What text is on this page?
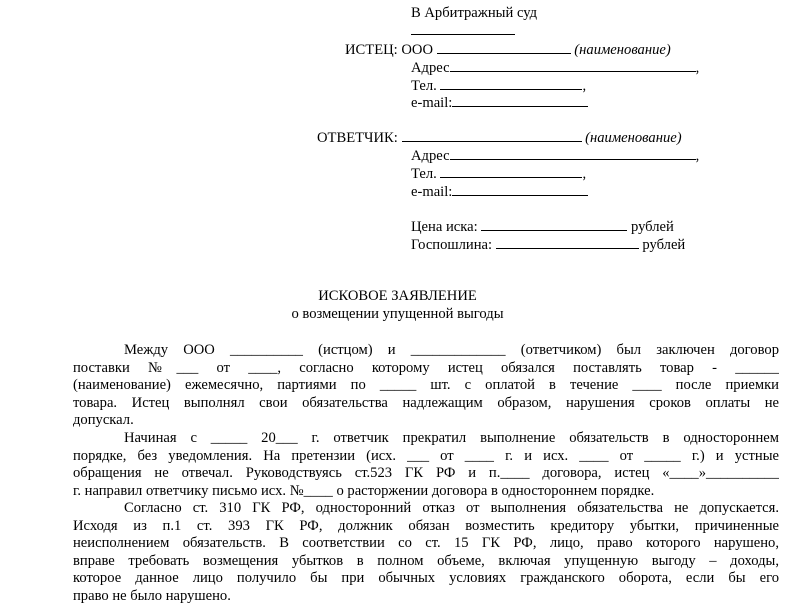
В Арбитражный суд
ИСТЕЦ: ООО	(наименование)
Адрес	,
Тел.	,
e-mail:
ОТВЕТЧИК:	(наименование)
Адрес	,
Тел.	,
e-mail:
Цена иска:	рублей
Госпошлина:	рублей
ИСКОВОЕ ЗАЯВЛЕНИЕ
о возмещении упущенной выгоды
Между ООО __________ (истцом) и _____________ (ответчиком) был заключен договор
поставки №___ от ____, согласно которому истец обязался поставлять товар - ______
(наименование) ежемесячно, партиями по _____ шт. с оплатой в течение ____ после приемки
товара. Истец выполнял свои обязательства надлежащим образом, нарушения сроков оплаты не
допускал.
Начиная с _____ 20___ г. ответчик прекратил выполнение обязательств в одностороннем
порядке, без уведомления. На претензии (исх. ___ от ____ г. и исх. ____ от _____ г.) и устные
обращения не отвечал. Руководствуясь ст.523 ГК РФ и п.____ договора, истец «____»__________
г. направил ответчику письмо исх. №____ о расторжении договора в одностороннем порядке.
Согласно ст. 310 ГК РФ, односторонний отказ от выполнения обязательства не допускается.
Исходя из п.1 ст. 393 ГК РФ, должник обязан возместить кредитору убытки, причиненные
неисполнением обязательств. В соответствии со ст. 15 ГК РФ, лицо, право которого нарушено,
вправе требовать возмещения убытков в полном объеме, включая упущенную выгоду – доходы,
которое данное лицо получило бы при обычных условиях гражданского оборота, если бы его
право не было нарушено.
